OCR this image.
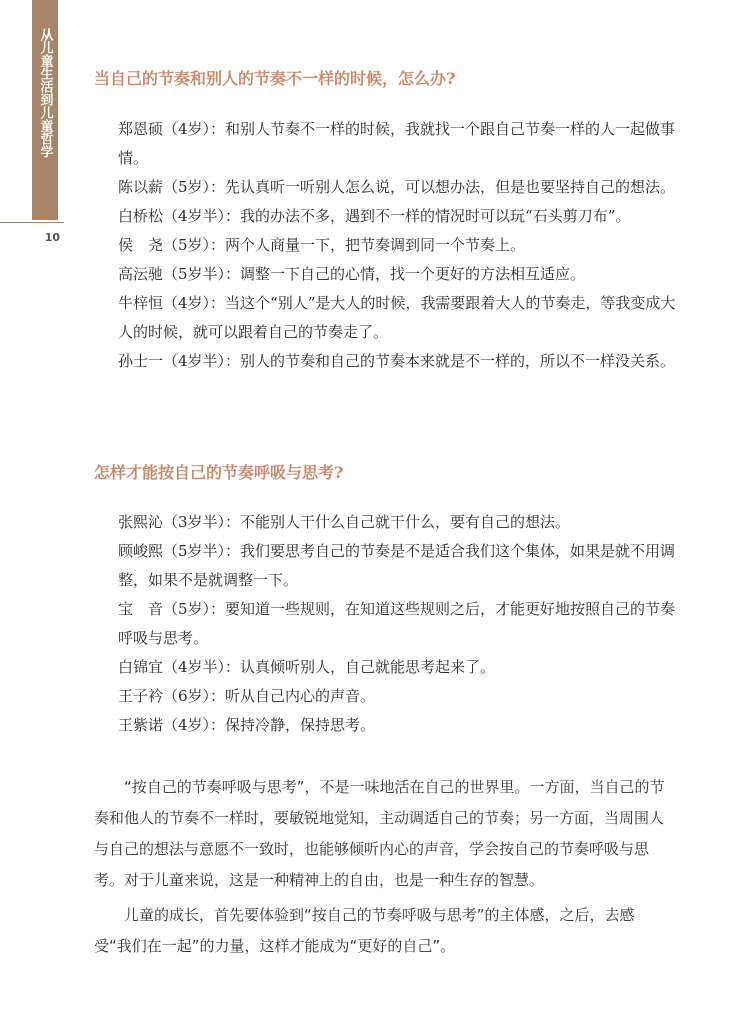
从儿童生活到儿童哲学
10
当自己的节奏和别人的节奏不一样的时候，怎么办?

郑恩硕（4岁）：和别人节奏不一样的时候，我就找一个跟自己节奏一样的人一起做事情。

陈以薪（5岁）：先认真听一听别人怎么说，可以想办法，但是也要坚持自己的想法。

白桥松（4岁半）：我的办法不多，遇到不一样的情况时可以玩“石头剪刀布”。

侯　尧（5岁）：两个人商量一下，把节奏调到同一个节奏上。

高沄驰（5岁半）：调整一下自己的心情，找一个更好的方法相互适应。

牛梓恒（4岁）：当这个“别人”是大人的时候，我需要跟着大人的节奏走，等我变成大人的时候，就可以跟着自己的节奏走了。

孙士一（4岁半）：别人的节奏和自己的节奏本来就是不一样的，所以不一样没关系。

怎样才能按自己的节奏呼吸与思考?

张熙沁（3岁半）：不能别人干什么自己就干什么，要有自己的想法。

顾峻熙（5岁半）：我们要思考自己的节奏是不是适合我们这个集体，如果是就不用调整，如果不是就调整一下。

宝　音（5岁）：要知道一些规则，在知道这些规则之后，才能更好地按照自己的节奏呼吸与思考。

白锦宜（4岁半）：认真倾听别人，自己就能思考起来了。

王子衿（6岁）：听从自己内心的声音。

王紫诺（4岁）：保持冷静，保持思考。

“按自己的节奏呼吸与思考”，不是一味地活在自己的世界里。一方面，当自己的节奏和他人的节奏不一样时，要敏锐地觉知，主动调适自己的节奏；另一方面，当周围人与自己的想法与意愿不一致时，也能够倾听内心的声音，学会按自己的节奏呼吸与思考。对于儿童来说，这是一种精神上的自由，也是一种生存的智慧。

儿童的成长，首先要体验到“按自己的节奏呼吸与思考”的主体感，之后，去感受“我们在一起”的力量，这样才能成为“更好的自己”。
